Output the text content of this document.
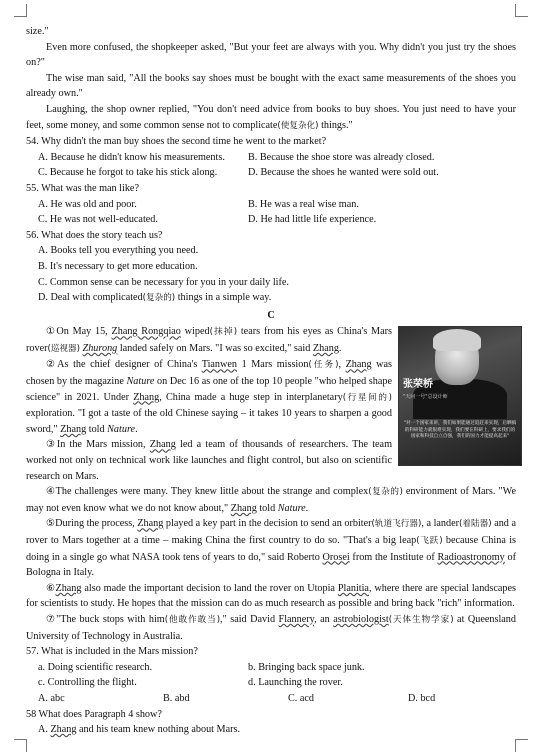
size."

Even more confused, the shopkeeper asked, "But your feet are always with you. Why didn't you just try the shoes on?"

The wise man said, "All the books say shoes must be bought with the exact same measurements of the shoes you already own."

Laughing, the shop owner replied, "You don't need advice from books to buy shoes. You just need to have your feet, some money, and some common sense not to complicate(使复杂化) things."

54. Why didn't the man buy shoes the second time he went to the market?

A. Because he didn't know his measurements.	B. Because the shoe store was already closed.
C. Because he forgot to take his stick along.	D. Because the shoes he wanted were sold out.

55. What was the man like?

A. He was old and poor.	B. He was a real wise man.
C. He was not well-educated.	D. He had little life experience.

56. What does the story teach us?

A. Books tell you everything you need.
B. It's necessary to get more education.
C. Common sense can be necessary for you in your daily life.
D. Deal with complicated(复杂的) things in a simple way.
C
张荣桥
"天问一号"总设计师
"对一个国家来讲，我们如果能通过追赶来实现，后晒搞的科研能力就很难实现，我们要在科研上，要求我们的国家和科技自立自强，我们的国力才能提高起来"

①On May 15, Zhang Rongqiao wiped(抹掉) tears from his eyes as China's Mars rover(巡视器) Zhurong landed safely on Mars. "I was so excited," said Zhang.

②As the chief designer of China's Tianwen 1 Mars mission(任务), Zhang was chosen by the magazine Nature on Dec 16 as one of the top 10 people "who helped shape science" in 2021. Under Zhang, China made a huge step in interplanetary(行星间的) exploration. "I got a taste of the old Chinese saying – it takes 10 years to sharpen a good sword," Zhang told Nature.

③In the Mars mission, Zhang led a team of thousands of researchers. The team worked not only on technical work like launches and flight control, but also on scientific research on Mars.

④The challenges were many. They knew little about the strange and complex(复杂的) environment of Mars. "We may not even know what we do not know about," Zhang told Nature.

⑤During the process, Zhang played a key part in the decision to send an orbiter(轨道飞行器), a lander(着陆器) and a rover to Mars together at a time – making China the first country to do so. "That's a big leap(飞跃) because China is doing in a single go what NASA took tens of years to do," said Roberto Orosei from the Institute of Radioastronomy of Bologna in Italy.

⑥Zhang also made the important decision to land the rover on Utopia Planitia, where there are special landscapes for scientists to study. He hopes that the mission can do as much research as possible and bring back "rich" information.

⑦"The buck stops with him(他敢作敢当)," said David Flannery, an astrobiologist(天体生物学家) at Queensland University of Technology in Australia.

57. What is included in the Mars mission?

a. Doing scientific research.	b. Bringing back space junk.
c. Controlling the flight.	d. Launching the rover.
A. abc	B. abd	C. acd	D. bcd

58 What does Paragraph 4 show?

A. Zhang and his team knew nothing about Mars.
